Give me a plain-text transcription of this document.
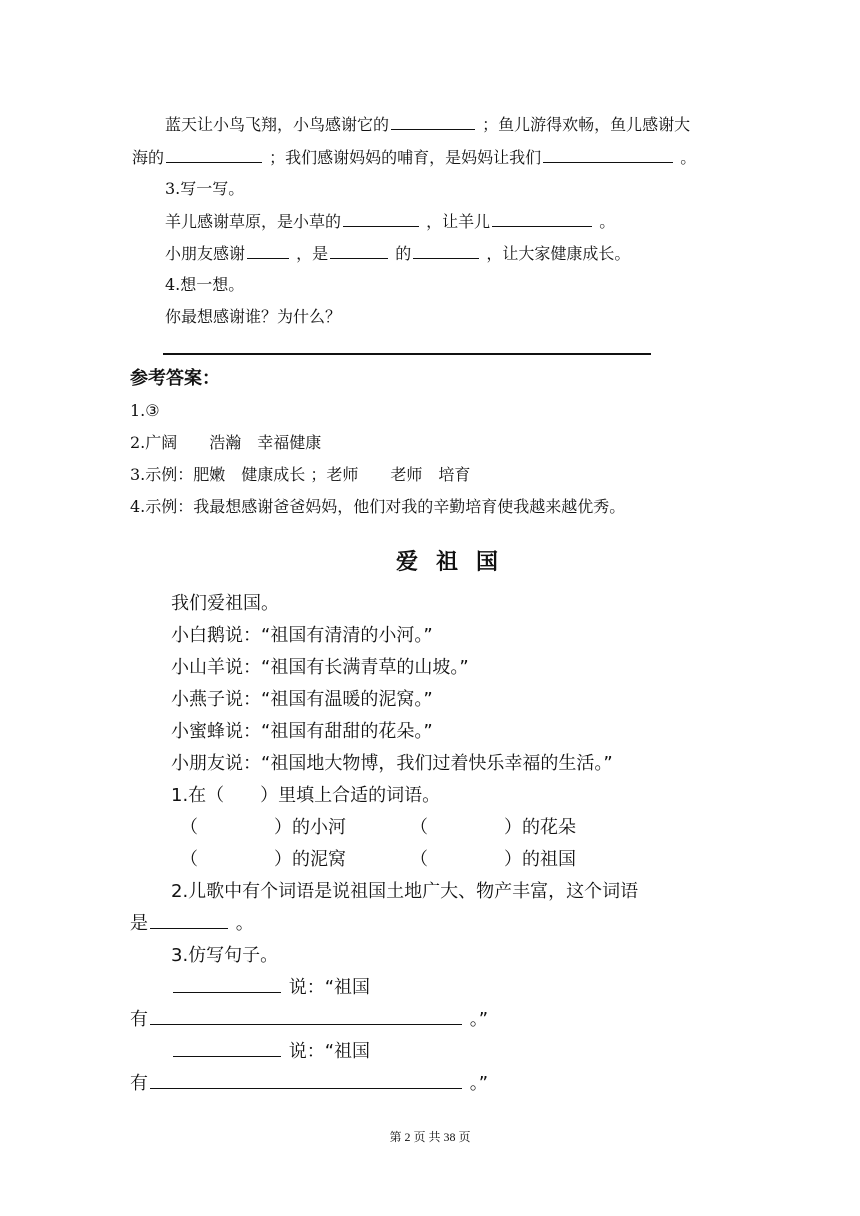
蓝天让小鸟飞翔，小鸟感谢它的	；鱼儿游得欢畅，鱼儿感谢大
海的	；我们感谢妈妈的哺育，是妈妈让我们	。
3.写一写。
羊儿感谢草原，是小草的	，让羊儿	。
小朋友感谢	，是	的	，让大家健康成长。
4.想一想。
你最想感谢谁？为什么？
参考答案：
1.③
2.广阔　　浩瀚　幸福健康
3.示例：肥嫩　健康成长 ；老师　　老师　培育
4.示例：我最想感谢爸爸妈妈，他们对我的辛勤培育使我越来越优秀。
爱祖国
我们爱祖国。
小白鹅说：“祖国有清清的小河。”
小山羊说：“祖国有长满青草的山坡。”
小燕子说：“祖国有温暖的泥窝。”
小蜜蜂说：“祖国有甜甜的花朵。”
小朋友说：“祖国地大物博，我们过着快乐幸福的生活。”
1.在（　　）里填上合适的词语。
（	）的小河	（	）的花朵
（	）的泥窝	（	）的祖国
2.儿歌中有个词语是说祖国土地广大、物产丰富，这个词语
是	。
3.仿写句子。
说：“祖国
有	。”
说：“祖国
有	。”
第 2 页 共 38 页
